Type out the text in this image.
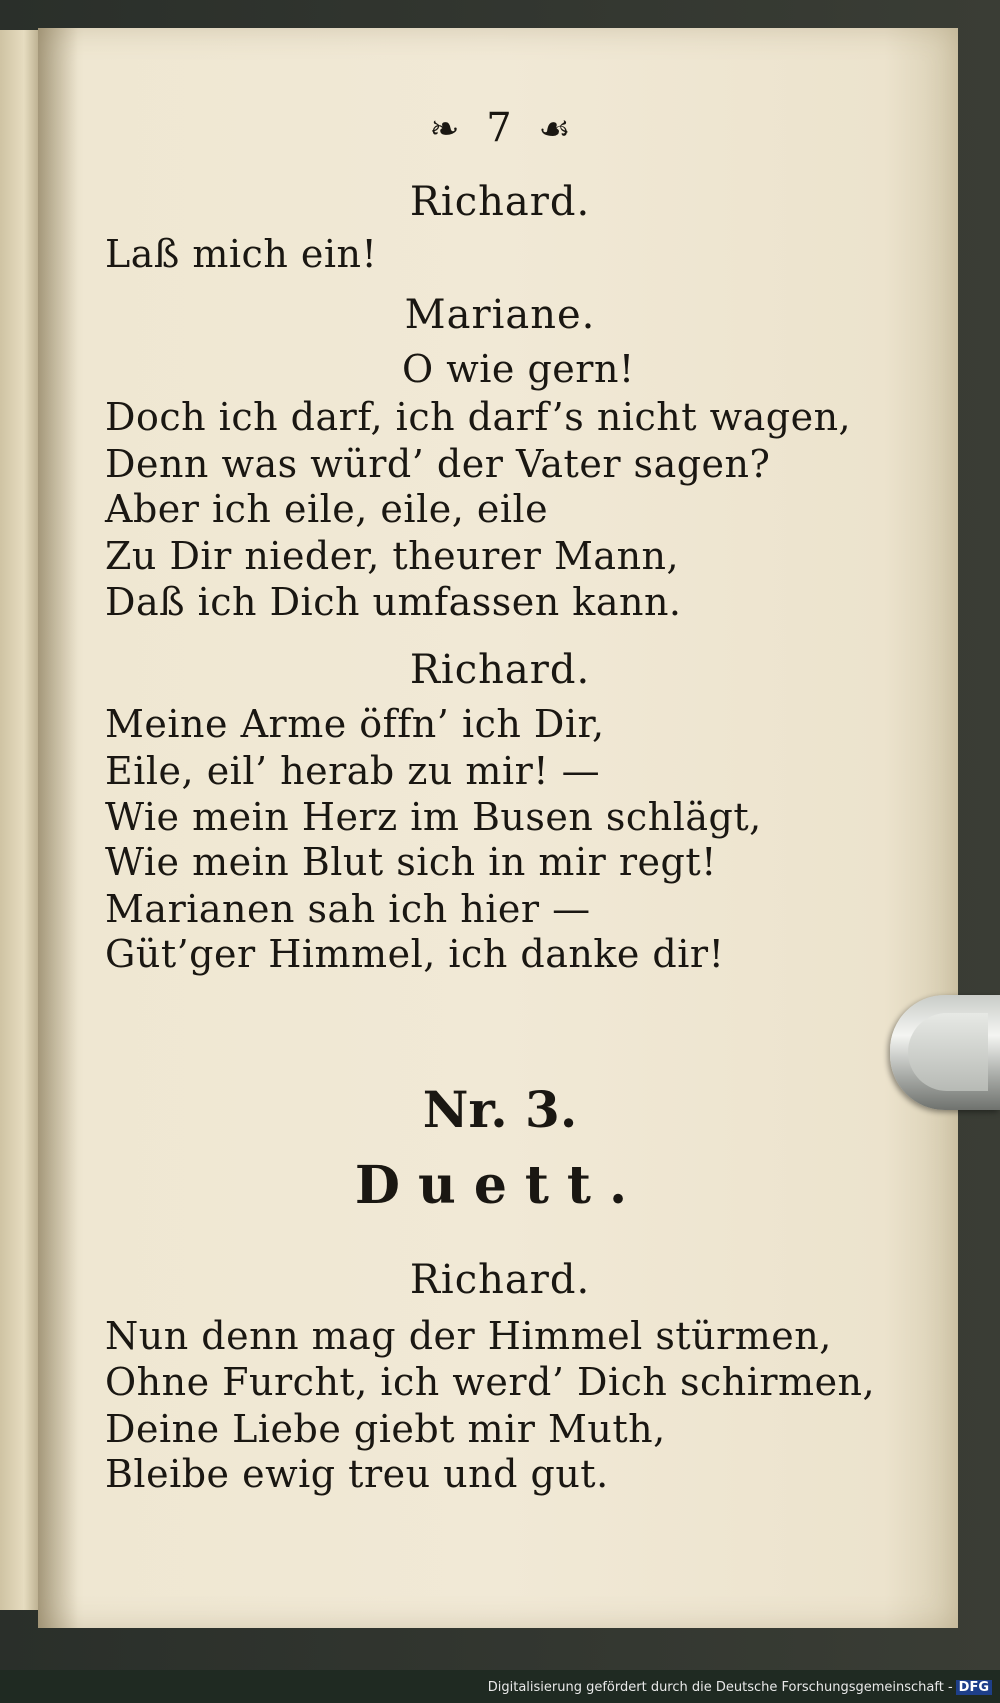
❧ 7 ☙
Richard.
Laß mich ein!
Mariane.
O wie gern!
Doch ich darf, ich darf’s nicht wagen,
Denn was würd’ der Vater sagen?
Aber ich eile, eile, eile
Zu Dir nieder, theurer Mann,
Daß ich Dich umfassen kann.
Richard.
Meine Arme öffn’ ich Dir,
Eile, eil’ herab zu mir! —
Wie mein Herz im Busen schlägt,
Wie mein Blut sich in mir regt!
Marianen sah ich hier —
Güt’ger Himmel, ich danke dir!
Nr. 3.
Duett.
Richard.
Nun denn mag der Himmel stürmen,
Ohne Furcht, ich werd’ Dich schirmen,
Deine Liebe giebt mir Muth,
Bleibe ewig treu und gut.
Digitalisierung gefördert durch die Deutsche Forschungsgemeinschaft - DFG
